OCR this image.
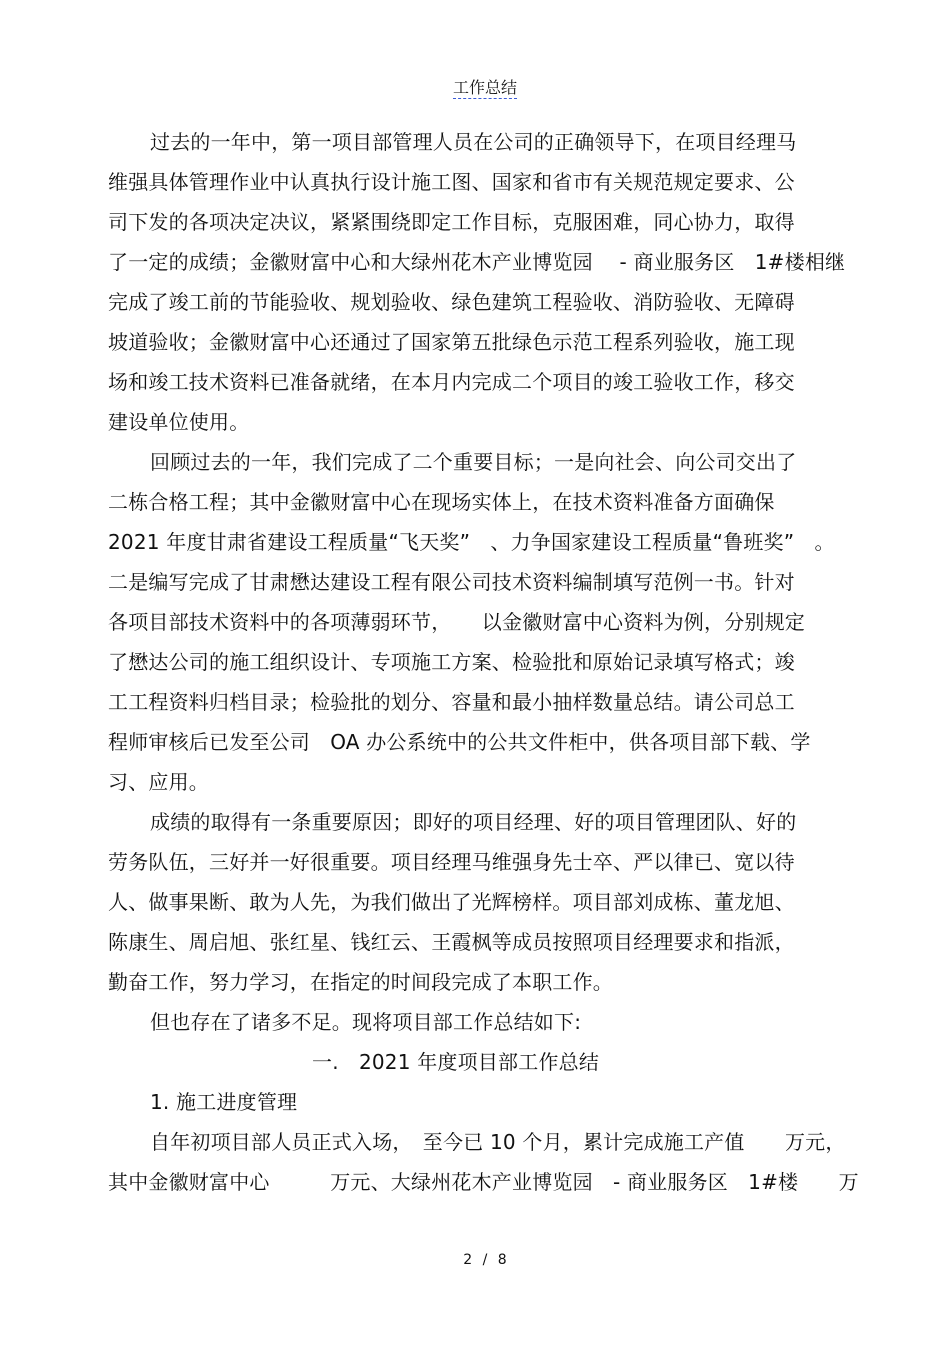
工作总结
过去的一年中，第一项目部管理人员在公司的正确领导下，在项目经理马
维强具体管理作业中认真执行设计施工图、国家和省市有关规范规定要求、公
司下发的各项决定决议，紧紧围绕即定工作目标，克服困难，同心协力，取得
了一定的成绩；金徽财富中心和大绿州花木产业博览园　 - 商业服务区　1#楼相继
完成了竣工前的节能验收、规划验收、绿色建筑工程验收、消防验收、无障碍
坡道验收；金徽财富中心还通过了国家第五批绿色示范工程系列验收，施工现
场和竣工技术资料已准备就绪，在本月内完成二个项目的竣工验收工作，移交
建设单位使用。
回顾过去的一年，我们完成了二个重要目标；一是向社会、向公司交出了
二栋合格工程；其中金徽财富中心在现场实体上，在技术资料准备方面确保
2021 年度甘肃省建设工程质量“飞天奖”　、力争国家建设工程质量“鲁班奖”　。
二是编写完成了甘肃懋达建设工程有限公司技术资料编制填写范例一书。针对
各项目部技术资料中的各项薄弱环节，　　以金徽财富中心资料为例，分别规定
了懋达公司的施工组织设计、专项施工方案、检验批和原始记录填写格式；竣
工工程资料归档目录；检验批的划分、容量和最小抽样数量总结。请公司总工
程师审核后已发至公司　OA 办公系统中的公共文件柜中，供各项目部下载、学
习、应用。
成绩的取得有一条重要原因；即好的项目经理、好的项目管理团队、好的
劳务队伍，三好并一好很重要。项目经理马维强身先士卒、严以律已、宽以待
人、做事果断、敢为人先，为我们做出了光辉榜样。项目部刘成栋、董龙旭、
陈康生、周启旭、张红星、钱红云、王霞枫等成员按照项目经理要求和指派，
勤奋工作，努力学习，在指定的时间段完成了本职工作。
但也存在了诸多不足。现将项目部工作总结如下:
一.　2021 年度项目部工作总结
1. 施工进度管理
自年初项目部人员正式入场，　至今已 10 个月，累计完成施工产值　　万元，
其中金徽财富中心　　　万元、大绿州花木产业博览园　- 商业服务区　1#楼　　万
2 / 8
